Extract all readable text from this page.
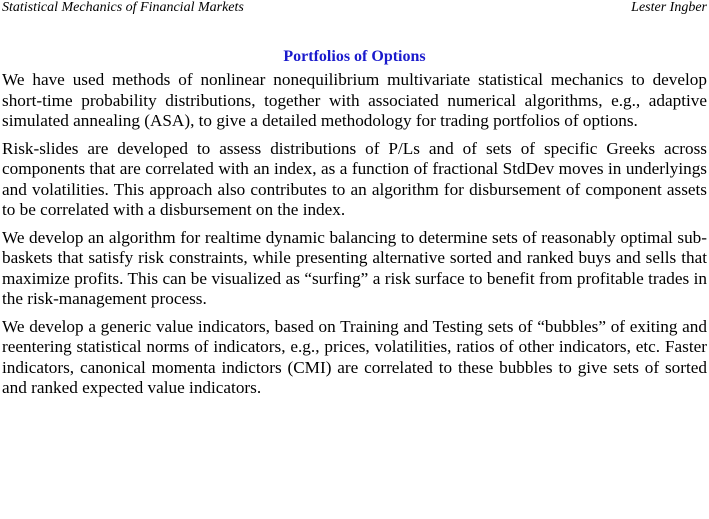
Statistical Mechanics of Financial Markets	Lester Ingber
Portfolios of Options

We have used methods of nonlinear nonequilibrium multivariate statistical mechanics to develop short-time probability distributions, together with associated numerical algorithms, e.g., adaptive simulated annealing (ASA), to give a detailed methodology for trading portfolios of options.

Risk-slides are developed to assess distributions of P/Ls and of sets of specific Greeks across components that are correlated with an index, as a function of fractional StdDev moves in underlyings and volatilities. This approach also contributes to an algorithm for disbursement of component assets to be correlated with a disbursement on the index.

We develop an algorithm for realtime dynamic balancing to determine sets of reasonably optimal sub-baskets that satisfy risk constraints, while presenting alternative sorted and ranked buys and sells that maximize profits. This can be visualized as “surfing” a risk surface to benefit from profitable trades in the risk-management process.

We develop a generic value indicators, based on Training and Testing sets of “bubbles” of exiting and reentering statistical norms of indicators, e.g., prices, volatilities, ratios of other indicators, etc. Faster indicators, canonical momenta indictors (CMI) are correlated to these bubbles to give sets of sorted and ranked expected value indicators.
